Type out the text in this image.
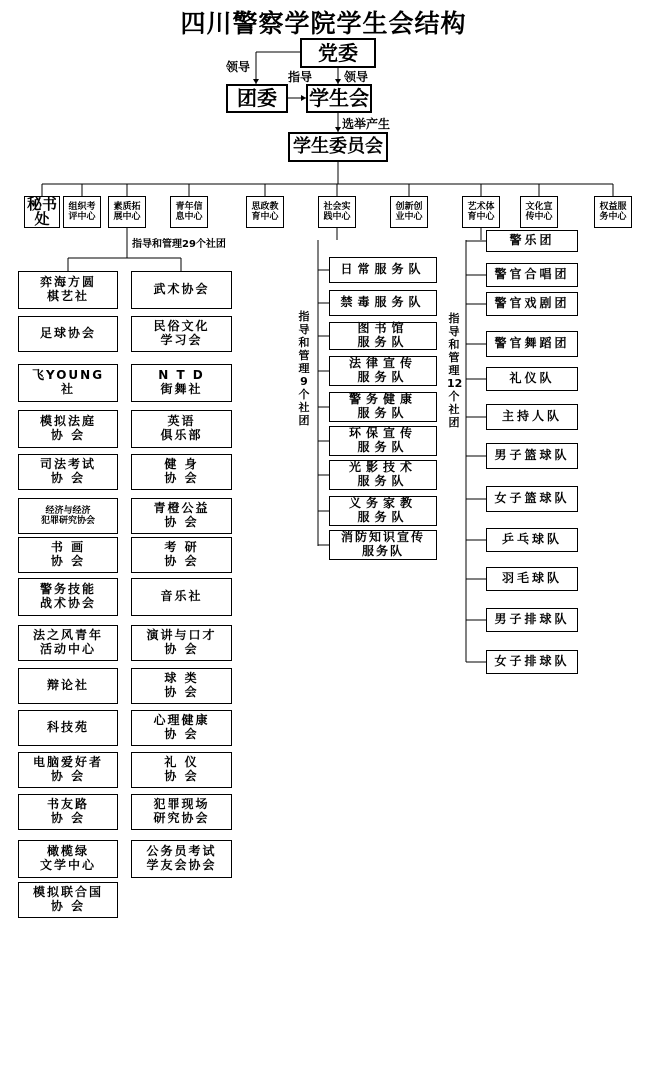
四川警察学院学生会结构
党委
团委	学生会
学生委员会
领导
指导	领导
选举产生
指导和管理29个社团
指
导
和
管
理
9
个
社
团
指
导
和
管
理
12
个
社
团
秘书
处
组织考
评中心
素质拓
展中心
青年信
息中心
思政教
育中心
社会实
践中心
创新创
业中心
艺术体
育中心
文化宣
传中心
权益服
务中心
弈海方圆
棋艺社
足球协会
飞YOUNG
社
模拟法庭
协 会
司法考试
协 会
经济与经济
犯罪研究协会
书 画
协 会
警务技能
战术协会
法之风青年
活动中心
辩论社
科技苑
电脑爱好者
协 会
书友路
协 会
橄榄绿
文学中心
模拟联合国
协 会
武术协会
民俗文化
学习会
N T D
街舞社
英语
俱乐部
健 身
协 会
青橙公益
协 会
考 研
协 会
音乐社
演讲与口才
协 会
球 类
协 会
心理健康
协 会
礼 仪
协 会
犯罪现场
研究协会
公务员考试
学友会协会
日常服务队
禁毒服务队
图书馆
服务队
法律宣传
服务队
警务健康
服务队
环保宣传
服务队
光影技术
服务队
义务家教
服务队
消防知识宣传
服务队
警乐团
警官合唱团
警官戏剧团
警官舞蹈团
礼仪队
主持人队
男子篮球队
女子篮球队
乒乓球队
羽毛球队
男子排球队
女子排球队
